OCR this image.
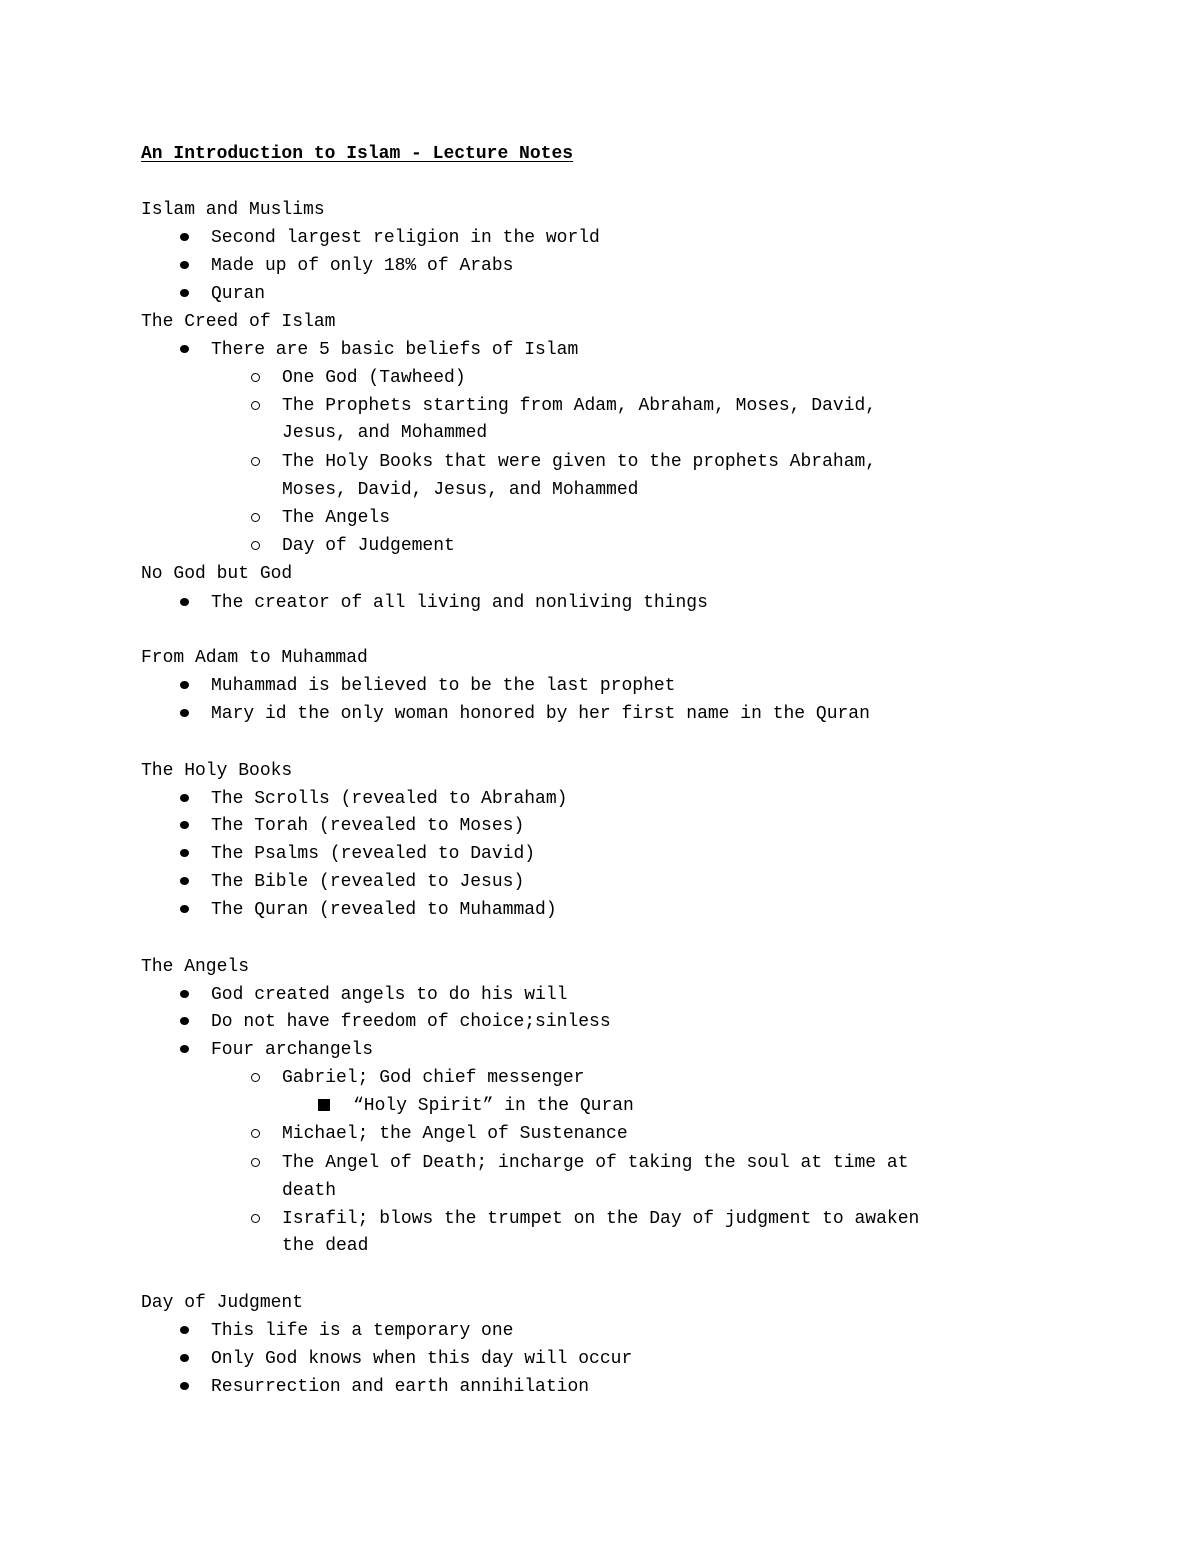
An Introduction to Islam - Lecture Notes
Islam and Muslims
Second largest religion in the world
Made up of only 18% of Arabs
Quran
The Creed of Islam
There are 5 basic beliefs of Islam
One God (Tawheed)
The Prophets starting from Adam, Abraham, Moses, David,
Jesus, and Mohammed
The Holy Books that were given to the prophets Abraham,
Moses, David, Jesus, and Mohammed
The Angels
Day of Judgement
No God but God
The creator of all living and nonliving things
From Adam to Muhammad
Muhammad is believed to be the last prophet
Mary id the only woman honored by her first name in the Quran
The Holy Books
The Scrolls (revealed to Abraham)
The Torah (revealed to Moses)
The Psalms (revealed to David)
The Bible (revealed to Jesus)
The Quran (revealed to Muhammad)
The Angels
God created angels to do his will
Do not have freedom of choice;sinless
Four archangels
Gabriel; God chief messenger
“Holy Spirit” in the Quran
Michael; the Angel of Sustenance
The Angel of Death; incharge of taking the soul at time at
death
Israfil; blows the trumpet on the Day of judgment to awaken
the dead
Day of Judgment
This life is a temporary one
Only God knows when this day will occur
Resurrection and earth annihilation
